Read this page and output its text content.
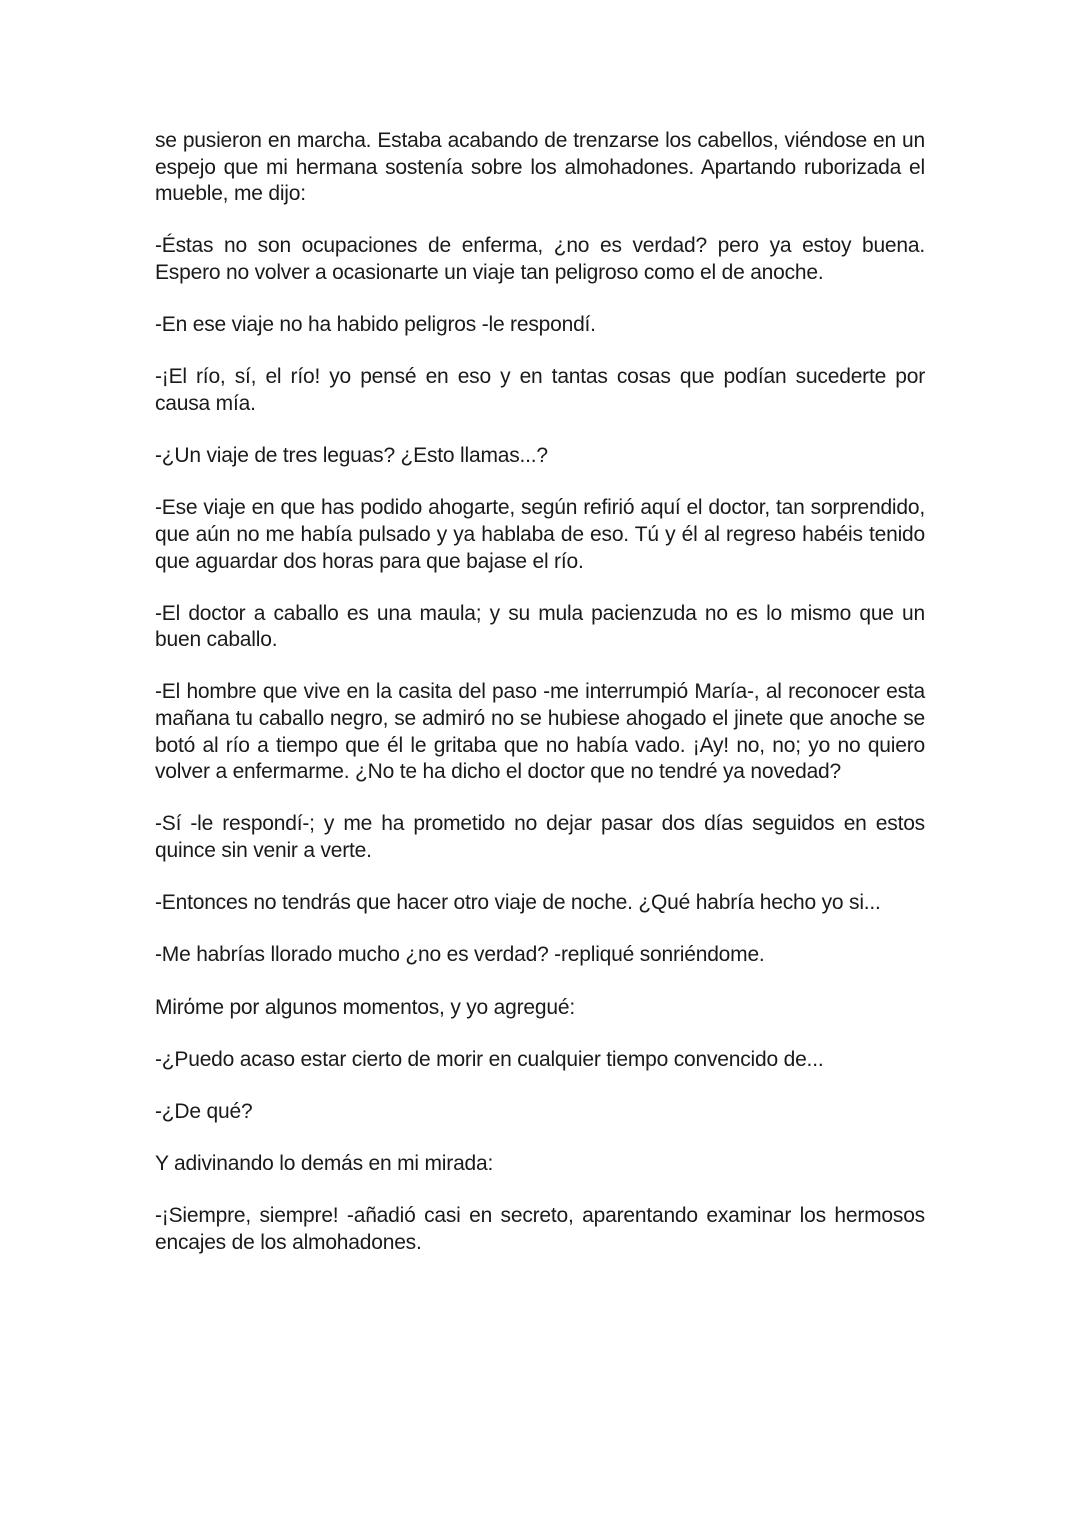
se pusieron en marcha. Estaba acabando de trenzarse los cabellos, viéndose en un espejo que mi hermana sostenía sobre los almohadones. Apartando ruborizada el mueble, me dijo:

-Éstas no son ocupaciones de enferma, ¿no es verdad? pero ya estoy buena. Espero no volver a ocasionarte un viaje tan peligroso como el de anoche.

-En ese viaje no ha habido peligros -le respondí.

-¡El río, sí, el río! yo pensé en eso y en tantas cosas que podían sucederte por causa mía.

-¿Un viaje de tres leguas? ¿Esto llamas...?

-Ese viaje en que has podido ahogarte, según refirió aquí el doctor, tan sorprendido, que aún no me había pulsado y ya hablaba de eso. Tú y él al regreso habéis tenido que aguardar dos horas para que bajase el río.

-El doctor a caballo es una maula; y su mula pacienzuda no es lo mismo que un buen caballo.

-El hombre que vive en la casita del paso -me interrumpió María-, al reconocer esta mañana tu caballo negro, se admiró no se hubiese ahogado el jinete que anoche se botó al río a tiempo que él le gritaba que no había vado. ¡Ay! no, no; yo no quiero volver a enfermarme. ¿No te ha dicho el doctor que no tendré ya novedad?

-Sí -le respondí-; y me ha prometido no dejar pasar dos días seguidos en estos quince sin venir a verte.

-Entonces no tendrás que hacer otro viaje de noche. ¿Qué habría hecho yo si...

-Me habrías llorado mucho ¿no es verdad? -repliqué sonriéndome.

Mirόme por algunos momentos, y yo agregué:

-¿Puedo acaso estar cierto de morir en cualquier tiempo convencido de...

-¿De qué?

Y adivinando lo demás en mi mirada:

-¡Siempre, siempre! -añadió casi en secreto, aparentando examinar los hermosos encajes de los almohadones.
